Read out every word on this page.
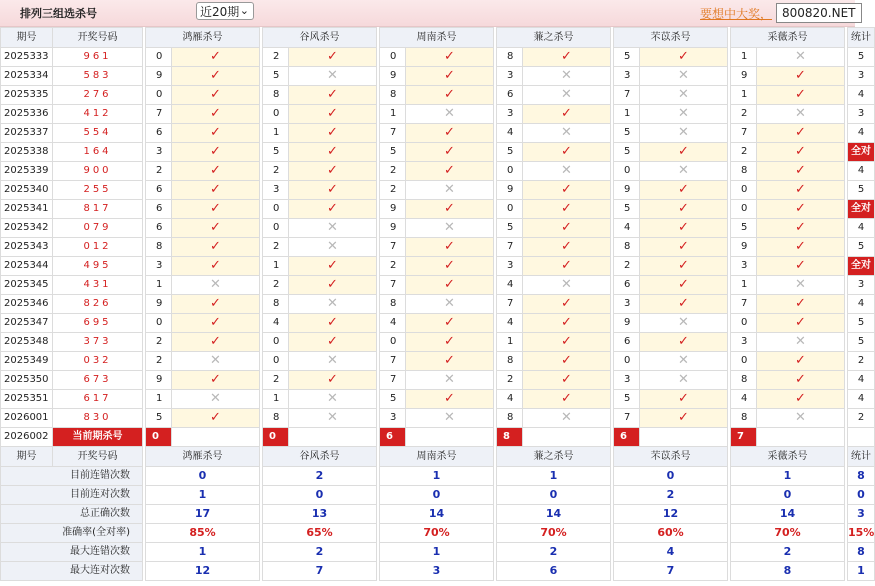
排列三组选杀号	近20期 ⌄	要想中大奖， 800820.NET
期号	开奖号码		鸿雁杀号			谷风杀号			周南杀号			蒹之杀号			芣苡杀号			采薇杀号			统计
2025333	961		0	✓		2	✓		0	✓		8	✓		5	✓		1	✕		5
2025334	583		9	✓		5	✕		9	✓		3	✕		3	✕		9	✓		3
2025335	276		0	✓		8	✓		8	✓		6	✕		7	✕		1	✓		4
2025336	412		7	✓		0	✓		1	✕		3	✓		1	✕		2	✕		3
2025337	554		6	✓		1	✓		7	✓		4	✕		5	✕		7	✓		4
2025338	164		3	✓		5	✓		5	✓		5	✓		5	✓		2	✓		全对

2025339	900		2	✓		2	✓		2	✓		0	✕		0	✕		8	✓		4
2025340	255		6	✓		3	✓		2	✕		9	✓		9	✓		0	✓		5
2025341	817		6	✓		0	✓		9	✓		0	✓		5	✓		0	✓		全对

2025342	079		6	✓		0	✕		9	✕		5	✓		4	✓		5	✓		4
2025343	012		8	✓		2	✕		7	✓		7	✓		8	✓		9	✓		5
2025344	495		3	✓		1	✓		2	✓		3	✓		2	✓		3	✓		全对

2025345	431		1	✕		2	✓		7	✓		4	✕		6	✓		1	✕		3
2025346	826		9	✓		8	✕		8	✕		7	✓		3	✓		7	✓		4
2025347	695		0	✓		4	✓		4	✓		4	✓		9	✕		0	✓		5
2025348	373		2	✓		0	✓		0	✓		1	✓		6	✓		3	✕		5
2025349	032		2	✕		0	✕		7	✓		8	✓		0	✕		0	✓		2
2025350	673		9	✓		2	✓		7	✕		2	✓		3	✕		8	✓		4
2025351	617		1	✕		1	✕		5	✓		4	✓		5	✓		4	✓		4
2026001	830		5	✓		8	✕		3	✕		8	✕		7	✓		8	✕		2
2026002	当前期杀号		0			0			6			8			6			7			
期号	开奖号码		鸿雁杀号			谷风杀号			周南杀号			蒹之杀号			芣苡杀号			采薇杀号			统计
目前连错次数			0			2			1			1			0			1			8
目前连对次数			1			0			0			0			2			0			0
总正确次数			17			13			14			14			12			14			3
准确率(全对率)			85%			65%			70%			70%			60%			70%			15%
最大连错次数			1			2			1			2			4			2			8
最大连对次数			12			7			3			6			7			8			1
